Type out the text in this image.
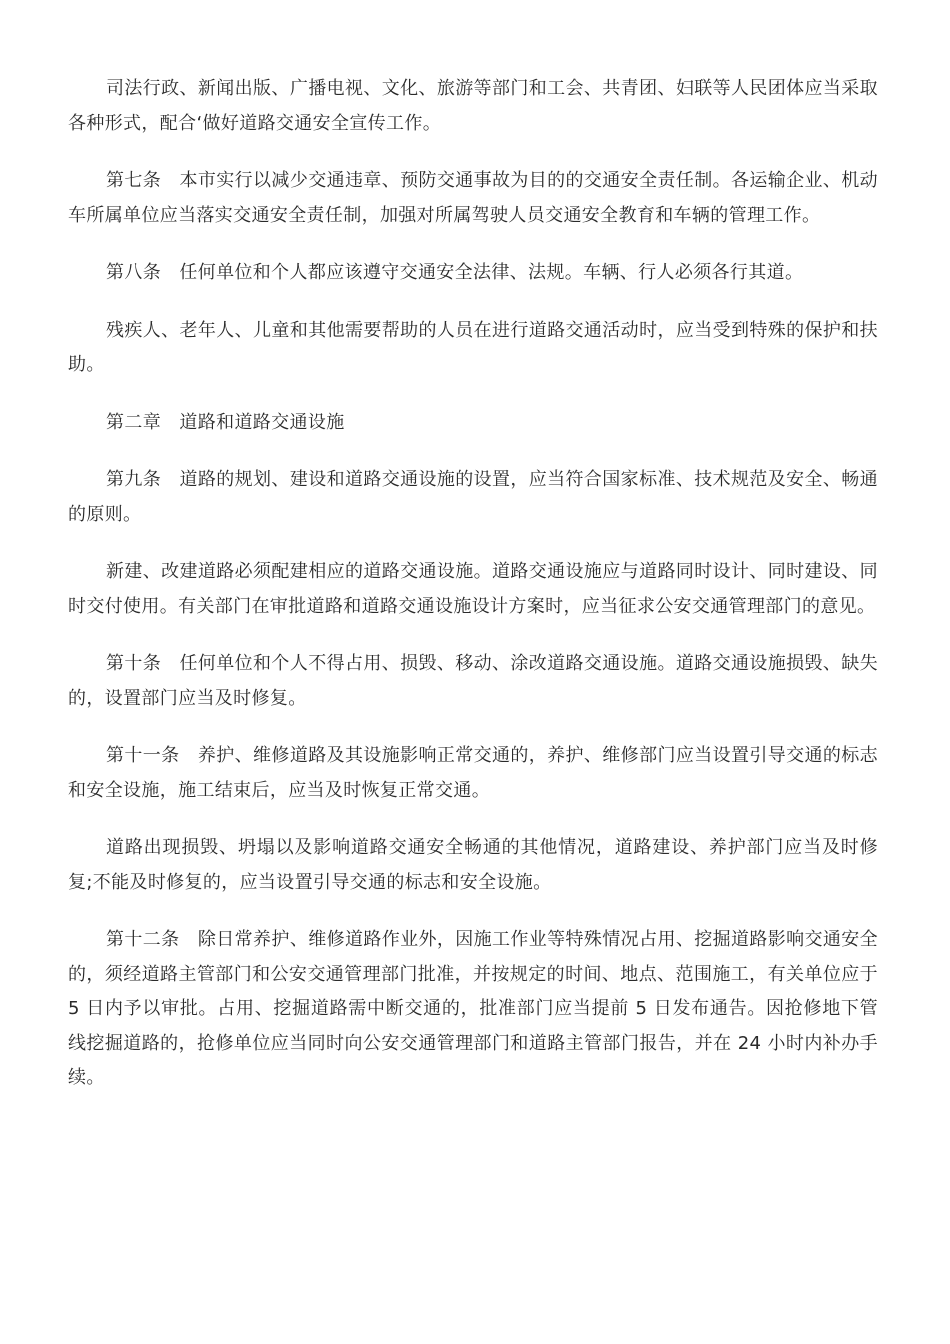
司法行政、新闻出版、广播电视、文化、旅游等部门和工会、共青团、妇联等人民团体应当采取各种形式，配合‘做好道路交通安全宣传工作。

第七条　本市实行以减少交通违章、预防交通事故为目的的交通安全责任制。各运输企业、机动车所属单位应当落实交通安全责任制，加强对所属驾驶人员交通安全教育和车辆的管理工作。

第八条　任何单位和个人都应该遵守交通安全法律、法规。车辆、行人必须各行其道。

残疾人、老年人、儿童和其他需要帮助的人员在进行道路交通活动时，应当受到特殊的保护和扶助。

第二章　道路和道路交通设施

第九条　道路的规划、建设和道路交通设施的设置，应当符合国家标准、技术规范及安全、畅通的原则。

新建、改建道路必须配建相应的道路交通设施。道路交通设施应与道路同时设计、同时建设、同时交付使用。有关部门在审批道路和道路交通设施设计方案时，应当征求公安交通管理部门的意见。

第十条　任何单位和个人不得占用、损毁、移动、涂改道路交通设施。道路交通设施损毁、缺失的，设置部门应当及时修复。

第十一条　养护、维修道路及其设施影响正常交通的，养护、维修部门应当设置引导交通的标志和安全设施，施工结束后，应当及时恢复正常交通。

道路出现损毁、坍塌以及影响道路交通安全畅通的其他情况，道路建设、养护部门应当及时修复;不能及时修复的，应当设置引导交通的标志和安全设施。

第十二条　除日常养护、维修道路作业外，因施工作业等特殊情况占用、挖掘道路影响交通安全的，须经道路主管部门和公安交通管理部门批准，并按规定的时间、地点、范围施工，有关单位应于 5 日内予以审批。占用、挖掘道路需中断交通的，批准部门应当提前 5 日发布通告。因抢修地下管线挖掘道路的，抢修单位应当同时向公安交通管理部门和道路主管部门报告，并在 24 小时内补办手续。
